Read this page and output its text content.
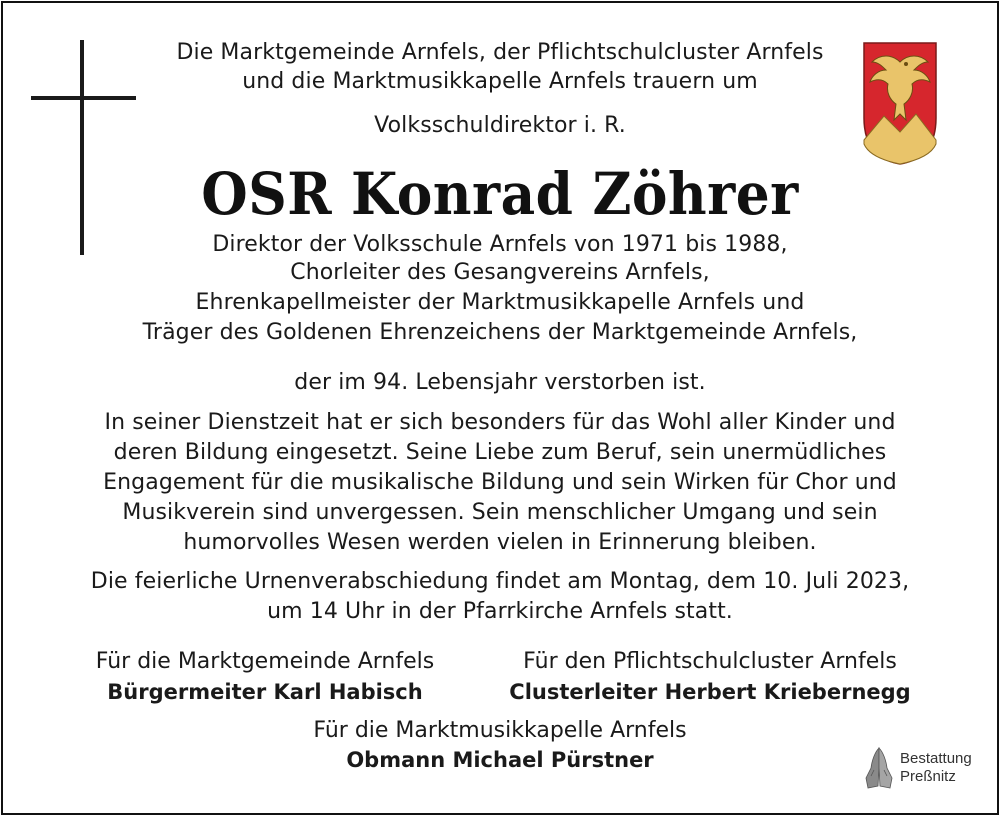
Die Marktgemeinde Arnfels, der Pflichtschulcluster Arnfels
und die Marktmusikkapelle Arnfels trauern um
Volksschuldirektor i. R.
OSR Konrad Zöhrer
Direktor der Volksschule Arnfels von 1971 bis 1988,
Chorleiter des Gesangvereins Arnfels,
Ehrenkapellmeister der Marktmusikkapelle Arnfels und
Träger des Goldenen Ehrenzeichens der Marktgemeinde Arnfels,
der im 94. Lebensjahr verstorben ist.
In seiner Dienstzeit hat er sich besonders für das Wohl aller Kinder und
deren Bildung eingesetzt. Seine Liebe zum Beruf, sein unermüdliches
Engagement für die musikalische Bildung und sein Wirken für Chor und
Musikverein sind unvergessen. Sein menschlicher Umgang und sein
humorvolles Wesen werden vielen in Erinnerung bleiben.
Die feierliche Urnenverabschiedung findet am Montag, dem 10. Juli 2023,
um 14 Uhr in der Pfarrkirche Arnfels statt.
Für die Marktgemeinde Arnfels
Bürgermeiter Karl Habisch
Für den Pflichtschulcluster Arnfels
Clusterleiter Herbert Kriebernegg
Für die Marktmusikkapelle Arnfels
Obmann Michael Pürstner	Bestattung
Preßnitz
